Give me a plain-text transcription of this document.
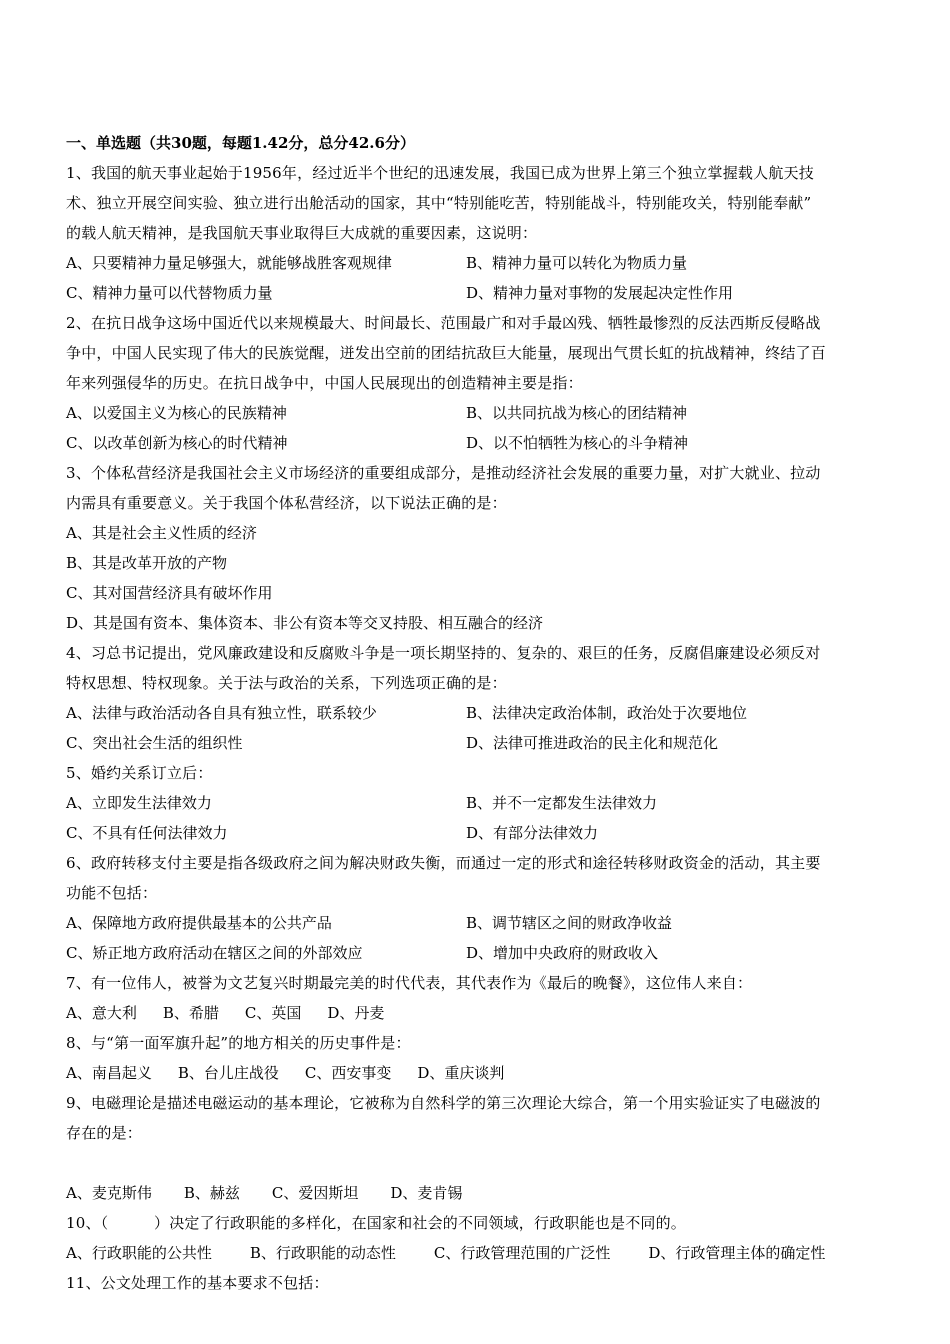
一、单选题（共30题，每题1.42分，总分42.6分）
1、我国的航天事业起始于1956年，经过近半个世纪的迅速发展，我国已成为世界上第三个独立掌握载人航天技
术、独立开展空间实验、独立进行出舱活动的国家，其中“特别能吃苦，特别能战斗，特别能攻关，特别能奉献”
的载人航天精神，是我国航天事业取得巨大成就的重要因素，这说明：
A、只要精神力量足够强大，就能够战胜客观规律	B、精神力量可以转化为物质力量
C、精神力量可以代替物质力量	D、精神力量对事物的发展起决定性作用
2、在抗日战争这场中国近代以来规模最大、时间最长、范围最广和对手最凶残、牺牲最惨烈的反法西斯反侵略战
争中，中国人民实现了伟大的民族觉醒，迸发出空前的团结抗敌巨大能量，展现出气贯长虹的抗战精神，终结了百
年来列强侵华的历史。在抗日战争中，中国人民展现出的创造精神主要是指：
A、以爱国主义为核心的民族精神	B、以共同抗战为核心的团结精神
C、以改革创新为核心的时代精神	D、以不怕牺牲为核心的斗争精神
3、个体私营经济是我国社会主义市场经济的重要组成部分，是推动经济社会发展的重要力量，对扩大就业、拉动
内需具有重要意义。关于我国个体私营经济，以下说法正确的是：
A、其是社会主义性质的经济
B、其是改革开放的产物
C、其对国营经济具有破坏作用
D、其是国有资本、集体资本、非公有资本等交叉持股、相互融合的经济
4、习总书记提出，党风廉政建设和反腐败斗争是一项长期坚持的、复杂的、艰巨的任务，反腐倡廉建设必须反对
特权思想、特权现象。关于法与政治的关系，下列选项正确的是：
A、法律与政治活动各自具有独立性，联系较少	B、法律决定政治体制，政治处于次要地位
C、突出社会生活的组织性	D、法律可推进政治的民主化和规范化
5、婚约关系订立后：
A、立即发生法律效力	B、并不一定都发生法律效力
C、不具有任何法律效力	D、有部分法律效力
6、政府转移支付主要是指各级政府之间为解决财政失衡，而通过一定的形式和途径转移财政资金的活动，其主要
功能不包括：
A、保障地方政府提供最基本的公共产品	B、调节辖区之间的财政净收益
C、矫正地方政府活动在辖区之间的外部效应	D、增加中央政府的财政收入
7、有一位伟人，被誉为文艺复兴时期最完美的时代代表，其代表作为《最后的晚餐》，这位伟人来自：
A、意大利 B、希腊 C、英国 D、丹麦
8、与“第一面军旗升起”的地方相关的历史事件是：
A、南昌起义 B、台儿庄战役 C、西安事变 D、重庆谈判
9、电磁理论是描述电磁运动的基本理论，它被称为自然科学的第三次理论大综合，第一个用实验证实了电磁波的
存在的是：
A、麦克斯伟 B、赫兹 C、爱因斯坦 D、麦肯锡
10、（　　　）决定了行政职能的多样化，在国家和社会的不同领域，行政职能也是不同的。
A、行政职能的公共性	B、行政职能的动态性	C、行政管理范围的广泛性	D、行政管理主体的确定性
11、公文处理工作的基本要求不包括：
